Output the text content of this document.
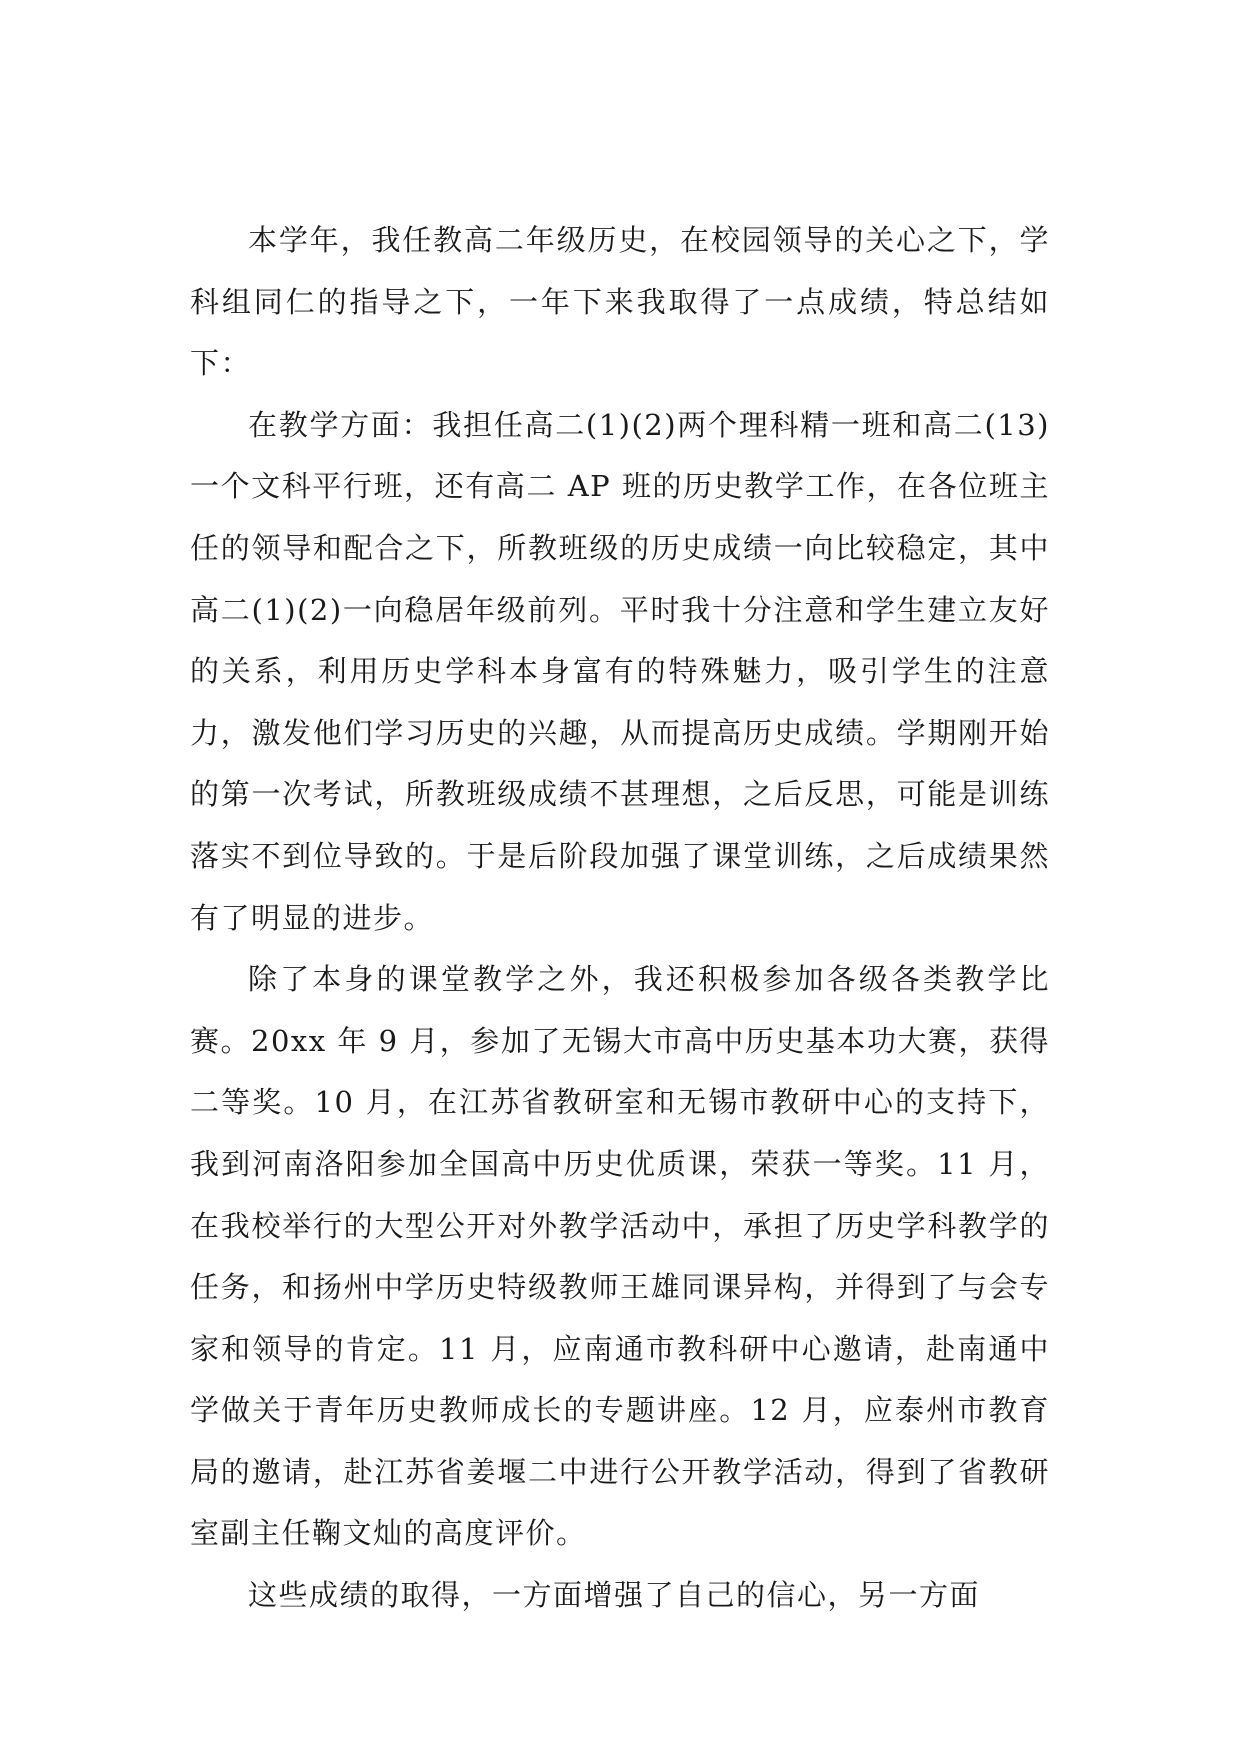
本学年，我任教高二年级历史，在校园领导的关心之下，学科组同仁的指导之下，一年下来我取得了一点成绩，特总结如下：

在教学方面：我担任高二(1)(2)两个理科精一班和高二(13)一个文科平行班，还有高二 AP 班的历史教学工作，在各位班主任的领导和配合之下，所教班级的历史成绩一向比较稳定，其中高二(1)(2)一向稳居年级前列。平时我十分注意和学生建立友好的关系，利用历史学科本身富有的特殊魅力，吸引学生的注意力，激发他们学习历史的兴趣，从而提高历史成绩。学期刚开始的第一次考试，所教班级成绩不甚理想，之后反思，可能是训练落实不到位导致的。于是后阶段加强了课堂训练，之后成绩果然有了明显的进步。

除了本身的课堂教学之外，我还积极参加各级各类教学比赛。20xx 年 9 月，参加了无锡大市高中历史基本功大赛，获得二等奖。10 月，在江苏省教研室和无锡市教研中心的支持下，我到河南洛阳参加全国高中历史优质课，荣获一等奖。11 月，在我校举行的大型公开对外教学活动中，承担了历史学科教学的任务，和扬州中学历史特级教师王雄同课异构，并得到了与会专家和领导的肯定。11 月，应南通市教科研中心邀请，赴南通中学做关于青年历史教师成长的专题讲座。12 月，应泰州市教育局的邀请，赴江苏省姜堰二中进行公开教学活动，得到了省教研室副主任鞠文灿的高度评价。

这些成绩的取得，一方面增强了自己的信心，另一方面
